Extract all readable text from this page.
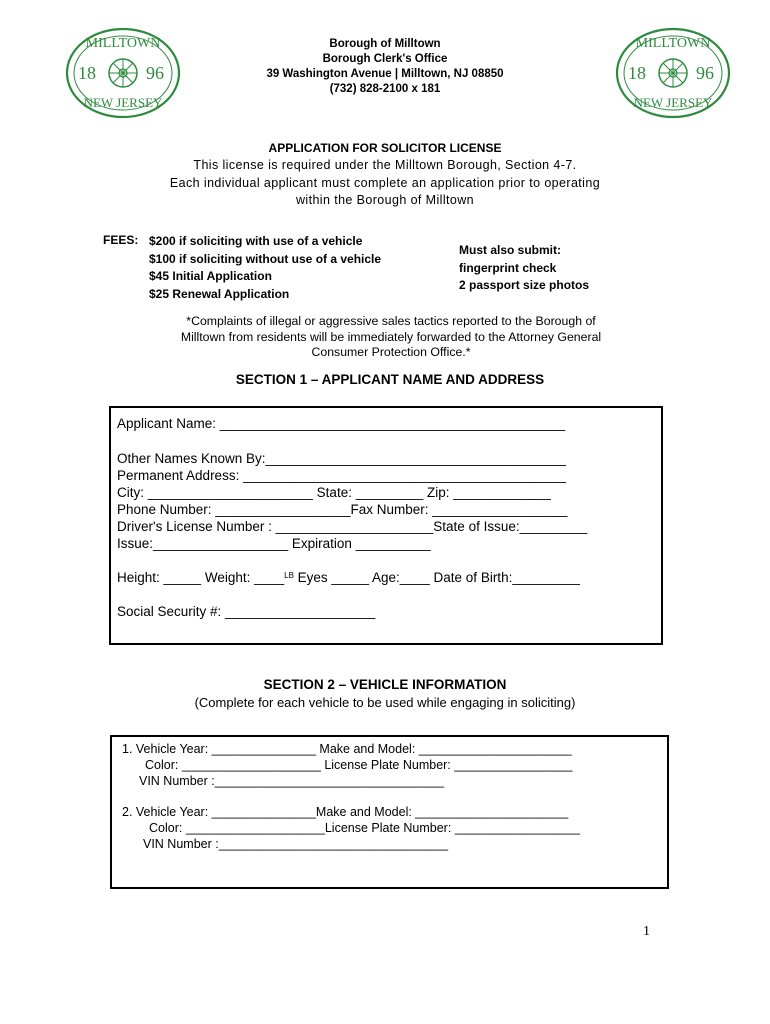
MILLTOWN
18	96
NEW JERSEY
MILLTOWN
18	96
NEW JERSEY
Borough of Milltown
Borough Clerk's Office
39 Washington Avenue | Milltown, NJ 08850
(732) 828-2100 x 181
APPLICATION FOR SOLICITOR LICENSE
This license is required under the Milltown Borough, Section 4-7.
Each individual applicant must complete an application prior to operating
within the Borough of Milltown
FEES: $200 if soliciting with use of a vehicle
$100 if soliciting without use of a vehicle
$45 Initial Application
$25 Renewal Application
Must also submit:
fingerprint check
2 passport size photos
*Complaints of illegal or aggressive sales tactics reported to the Borough of
Milltown from residents will be immediately forwarded to the Attorney General
Consumer Protection Office.*
SECTION 1 – APPLICANT NAME AND ADDRESS
Applicant Name: ______________________________________________
Other Names Known By:________________________________________
Permanent Address: ___________________________________________
City: ______________________ State: _________ Zip: _____________
Phone Number: __________________Fax Number: __________________
Driver's License Number : _____________________State of Issue:_________
Issue:__________________ Expiration __________
Height: _____ Weight: ____$^{LB}$ Eyes _____ Age:____ Date of Birth:_________
Social Security #: ____________________
SECTION 2 – VEHICLE INFORMATION
(Complete for each vehicle to be used while engaging in soliciting)
1. Vehicle Year: _______________ Make and Model: ______________________
Color: ____________________ License Plate Number: _________________
VIN Number :_________________________________
2. Vehicle Year: _______________Make and Model: ______________________
Color: ____________________License Plate Number: __________________
VIN Number :_________________________________
1
